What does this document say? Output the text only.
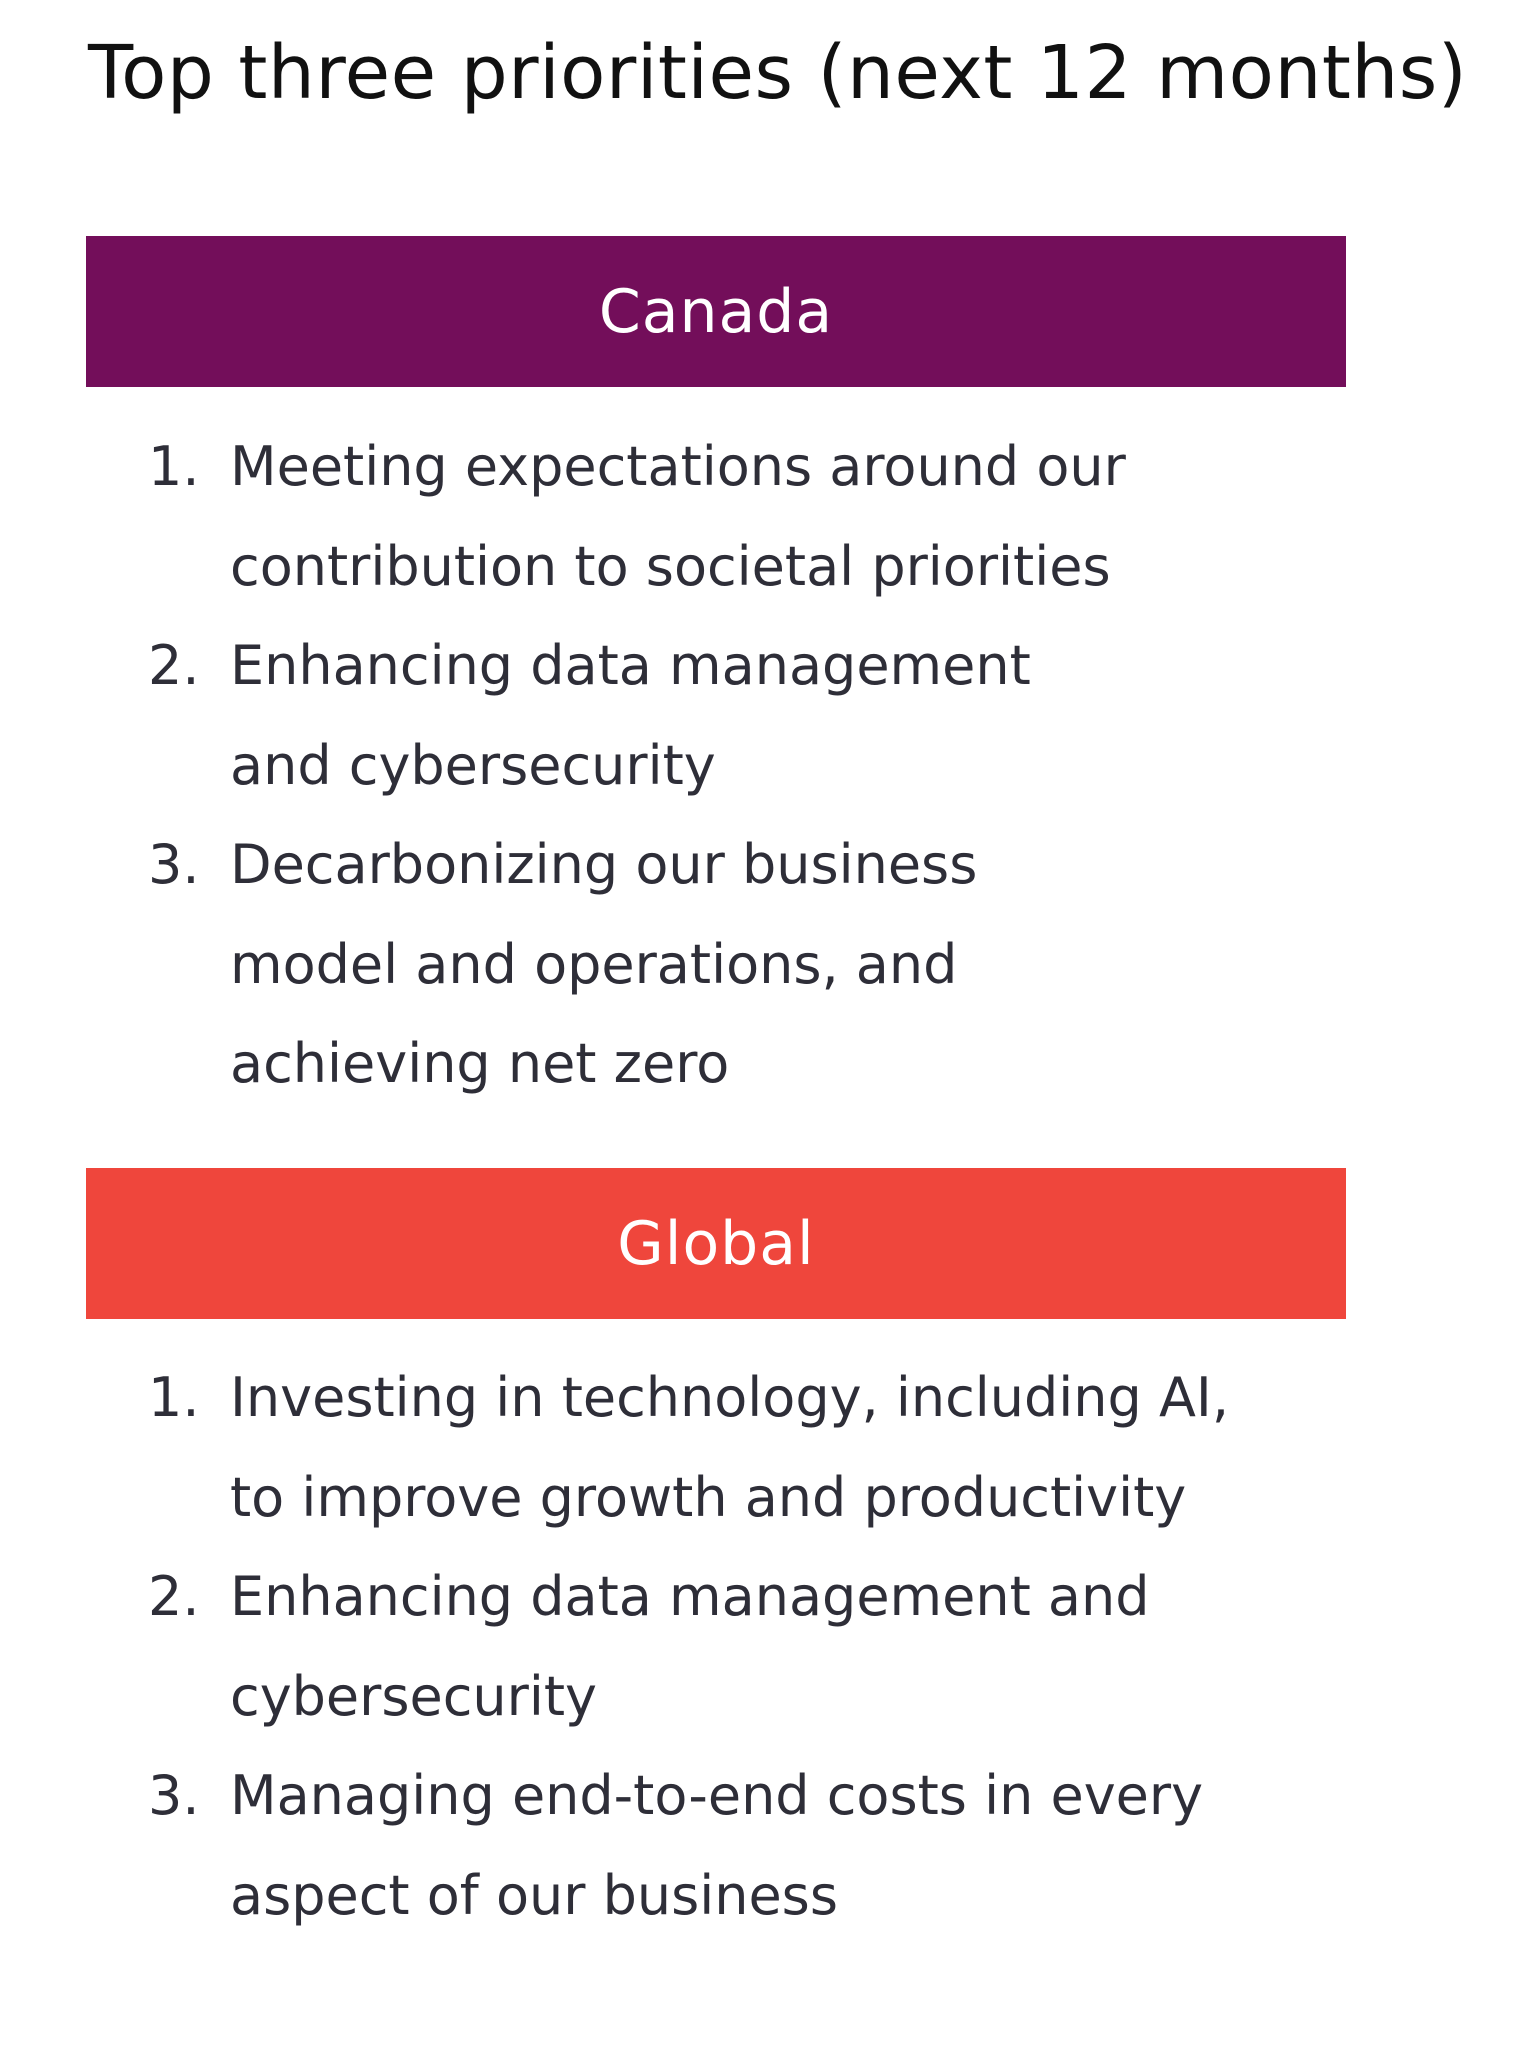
Top three priorities (next 12 months)
Canada
1. Meeting expectations around our contribution to societal priorities
2. Enhancing data management and cybersecurity
3. Decarbonizing our business model and operations, and achieving net zero
Global
1. Investing in technology, including AI, to improve growth and productivity
2. Enhancing data management and cybersecurity
3. Managing end-to-end costs in every aspect of our business
